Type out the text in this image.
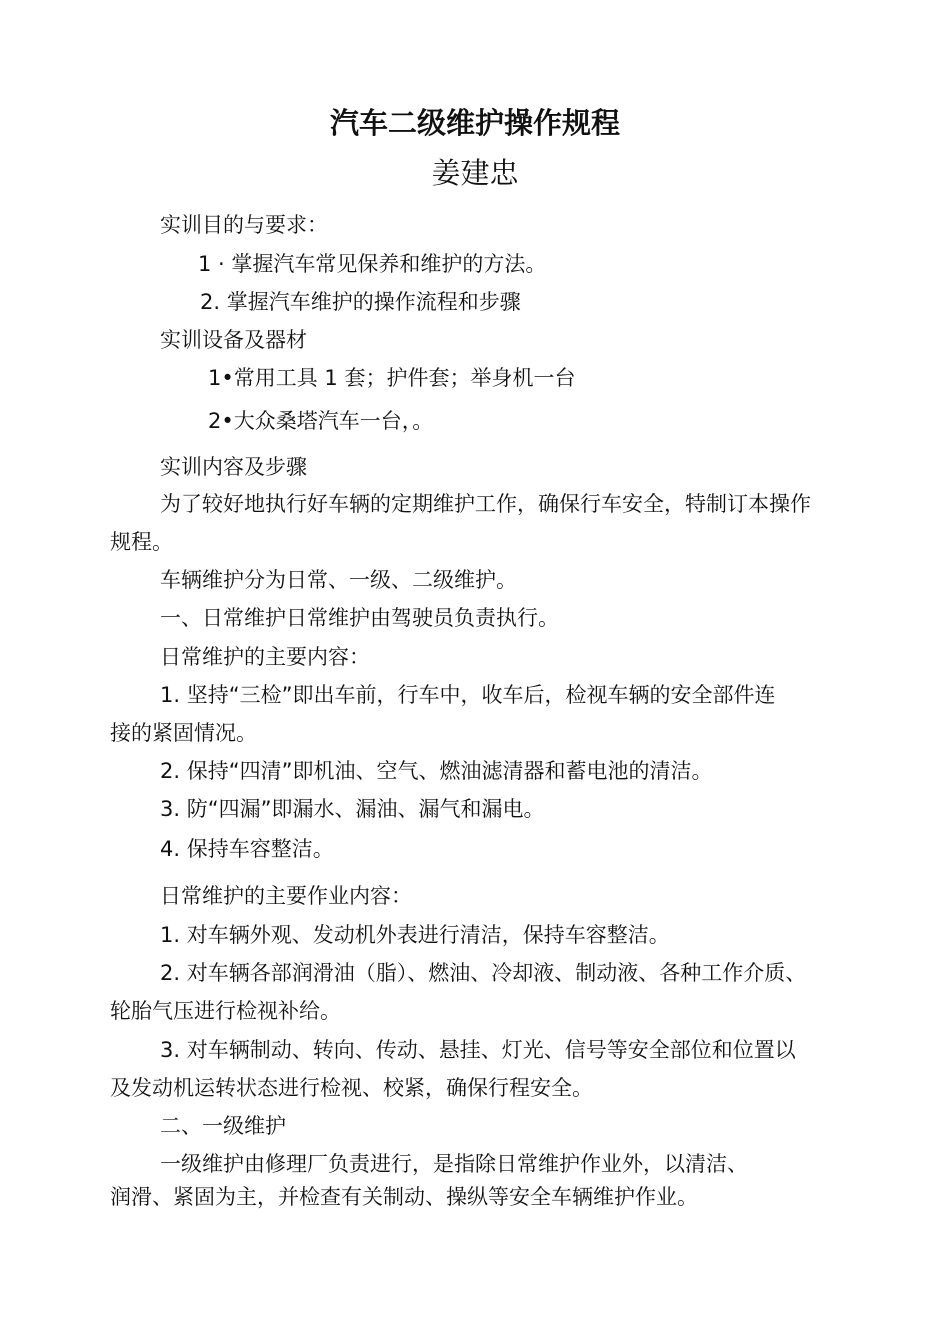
汽车二级维护操作规程
姜建忠
实训目的与要求：
1 · 掌握汽车常见保养和维护的方法。
2. 掌握汽车维护的操作流程和步骤
实训设备及器材
1•常用工具 1 套；护件套；举身机一台
2•大众桑塔汽车一台，。
实训内容及步骤
为了较好地执行好车辆的定期维护工作，确保行车安全，特制订本操作
规程。
车辆维护分为日常、一级、二级维护。
一、日常维护日常维护由驾驶员负责执行。
日常维护的主要内容：
1. 坚持“三检”即出车前，行车中，收车后，检视车辆的安全部件连
接的紧固情况。
2. 保持“四清”即机油、空气、燃油滤清器和蓄电池的清洁。
3. 防“四漏”即漏水、漏油、漏气和漏电。
4. 保持车容整洁。
日常维护的主要作业内容：
1. 对车辆外观、发动机外表进行清洁，保持车容整洁。
2. 对车辆各部润滑油（脂）、燃油、冷却液、制动液、各种工作介质、
轮胎气压进行检视补给。
3. 对车辆制动、转向、传动、悬挂、灯光、信号等安全部位和位置以
及发动机运转状态进行检视、校紧，确保行程安全。
二、一级维护
一级维护由修理厂负责进行，是指除日常维护作业外，以清洁、
润滑、紧固为主，并检查有关制动、操纵等安全车辆维护作业。
